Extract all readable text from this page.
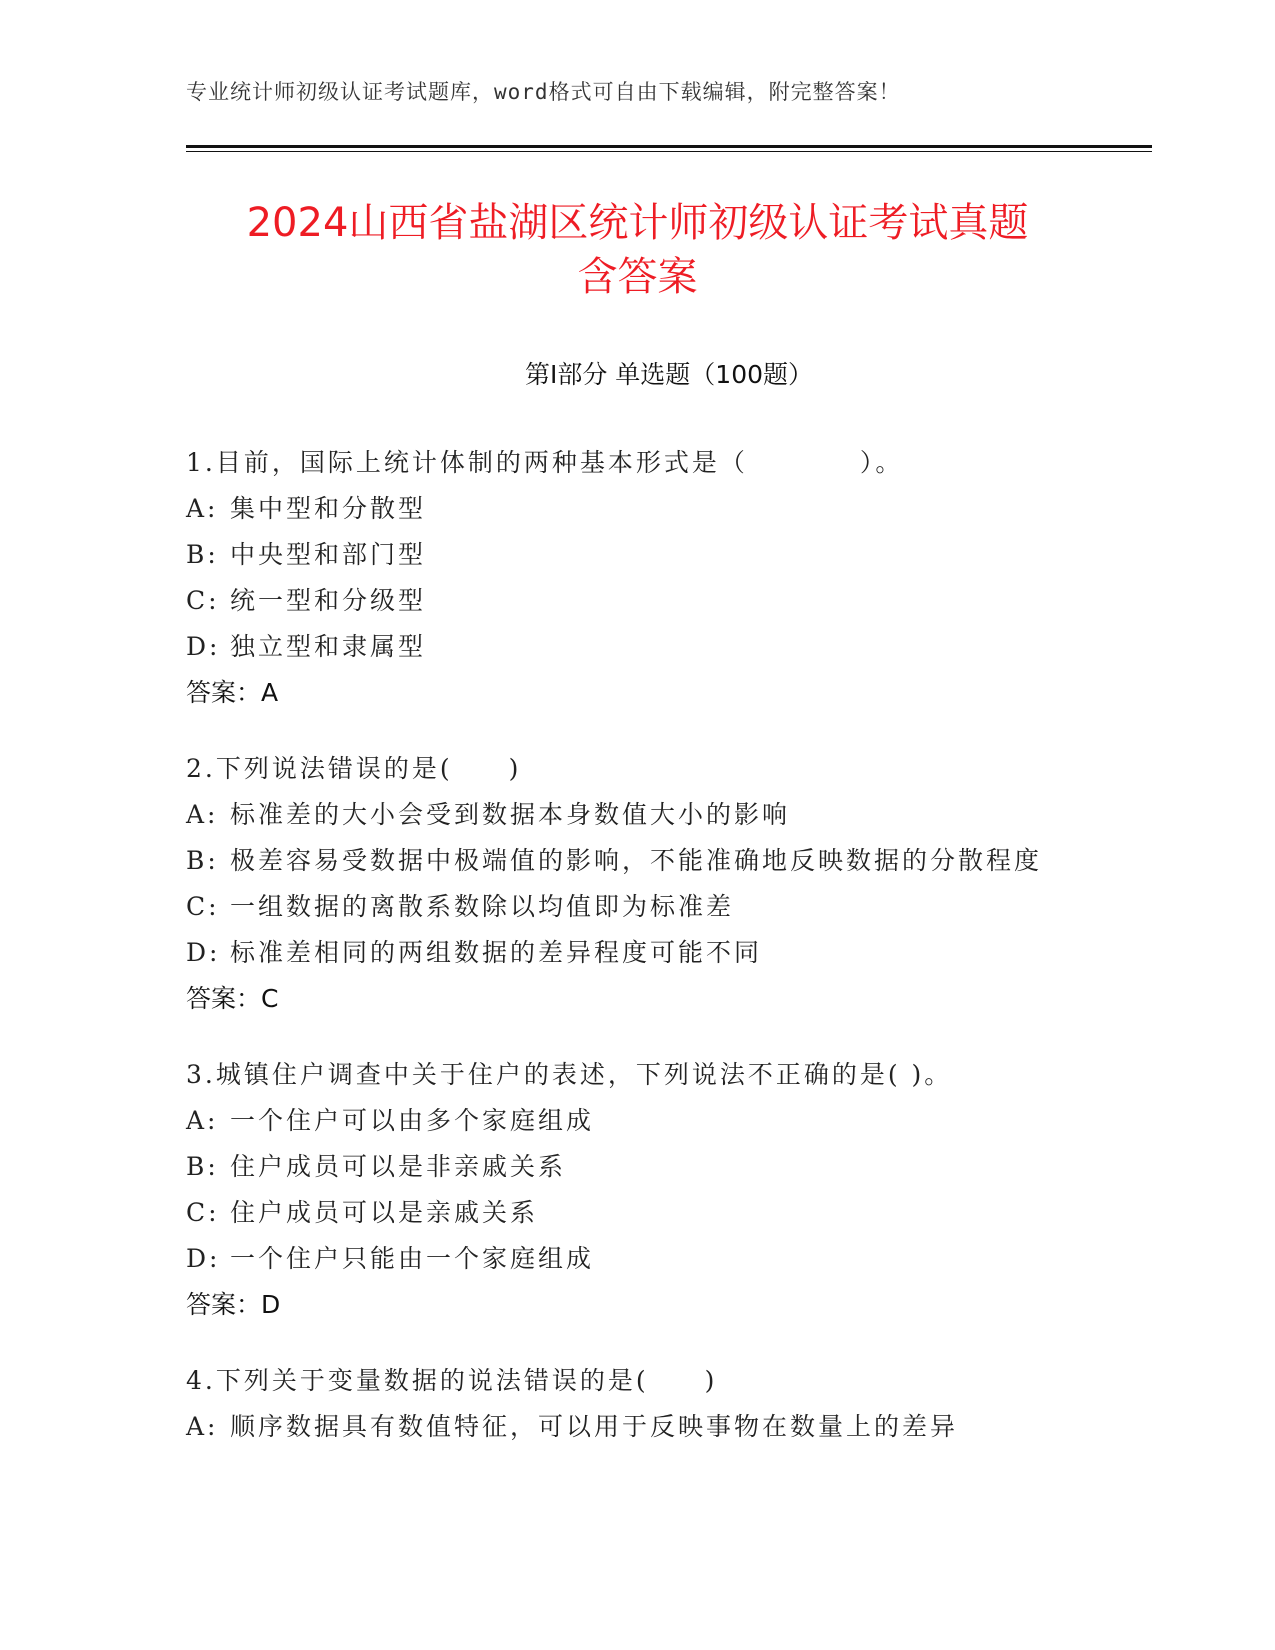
专业统计师初级认证考试题库，word格式可自由下载编辑，附完整答案！
2024山西省盐湖区统计师初级认证考试真题
含答案
第Ⅰ部分 单选题（100题）
1.目前，国际上统计体制的两种基本形式是（　　　　）。
A: 集中型和分散型
B: 中央型和部门型
C: 统一型和分级型
D: 独立型和隶属型
答案：A
2.下列说法错误的是(　　)
A: 标准差的大小会受到数据本身数值大小的影响
B: 极差容易受数据中极端值的影响，不能准确地反映数据的分散程度
C: 一组数据的离散系数除以均值即为标准差
D: 标准差相同的两组数据的差异程度可能不同
答案：C
3.城镇住户调查中关于住户的表述，下列说法不正确的是( )。
A: 一个住户可以由多个家庭组成
B: 住户成员可以是非亲戚关系
C: 住户成员可以是亲戚关系
D: 一个住户只能由一个家庭组成
答案：D
4.下列关于变量数据的说法错误的是(　　)
A: 顺序数据具有数值特征，可以用于反映事物在数量上的差异
